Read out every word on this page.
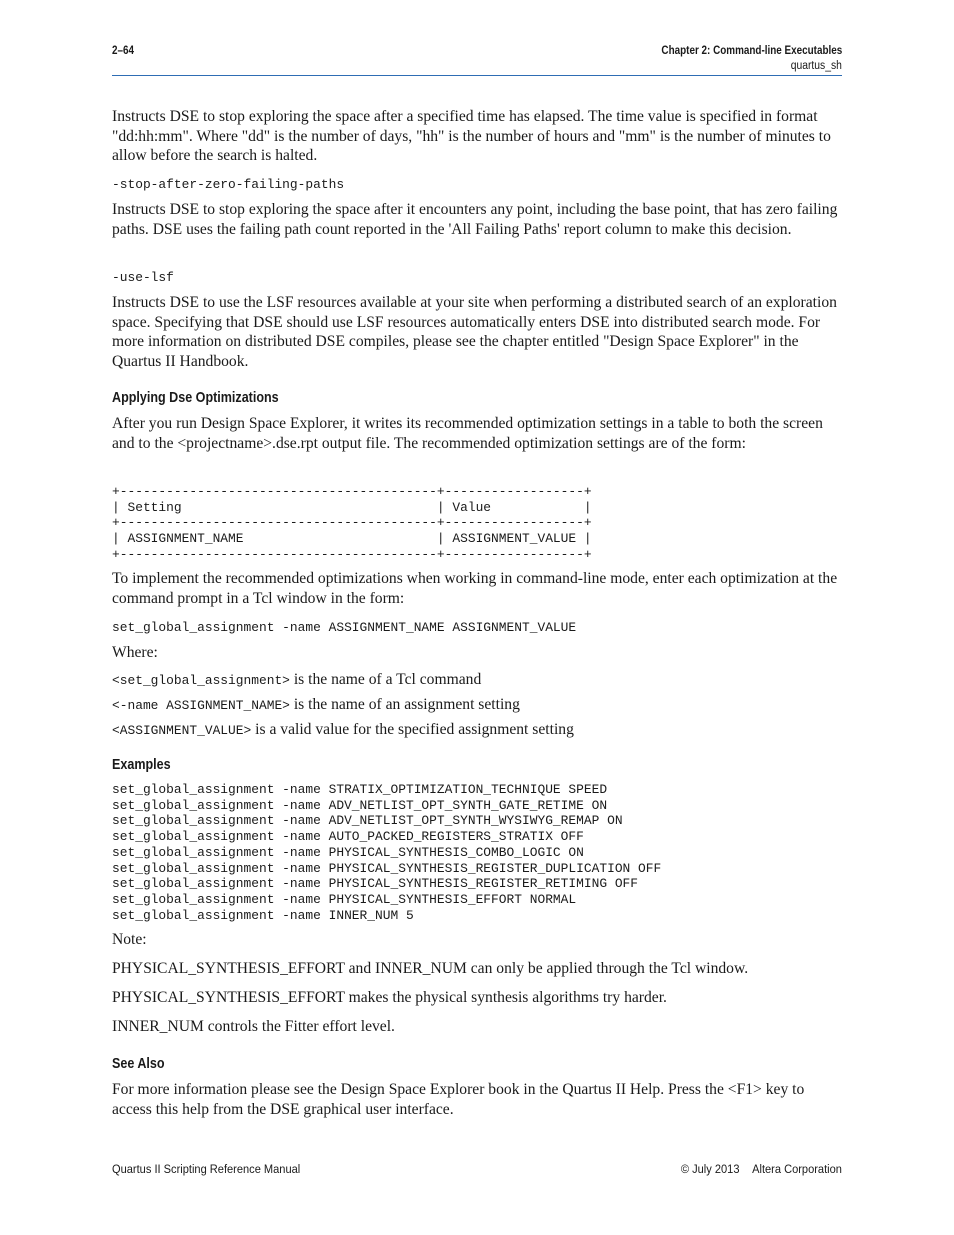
2–64	Chapter 2: Command-line Executables
quartus_sh
Instructs DSE to stop exploring the space after a specified time has elapsed. The time value is specified in format "dd:hh:mm". Where "dd" is the number of days, "hh" is the number of hours and "mm" is the number of minutes to allow before the search is halted.
-stop-after-zero-failing-paths
Instructs DSE to stop exploring the space after it encounters any point, including the base point, that has zero failing paths. DSE uses the failing path count reported in the 'All Failing Paths' report column to make this decision.
-use-lsf
Instructs DSE to use the LSF resources available at your site when performing a distributed search of an exploration space. Specifying that DSE should use LSF resources automatically enters DSE into distributed search mode. For more information on distributed DSE compiles, please see the chapter entitled "Design Space Explorer" in the Quartus II Handbook.
Applying Dse Optimizations
After you run Design Space Explorer, it writes its recommended optimization settings in a table to both the screen and to the <projectname>.dse.rpt output file. The recommended optimization settings are of the form:
+-----------------------------------------+------------------+
| Setting                                 | Value            |
+-----------------------------------------+------------------+
| ASSIGNMENT_NAME                         | ASSIGNMENT_VALUE |
+-----------------------------------------+------------------+
To implement the recommended optimizations when working in command-line mode, enter each optimization at the command prompt in a Tcl window in the form:
set_global_assignment -name ASSIGNMENT_NAME ASSIGNMENT_VALUE
Where:
<set_global_assignment> is the name of a Tcl command
<-name ASSIGNMENT_NAME> is the name of an assignment setting
<ASSIGNMENT_VALUE> is a valid value for the specified assignment setting
Examples
set_global_assignment -name STRATIX_OPTIMIZATION_TECHNIQUE SPEED
set_global_assignment -name ADV_NETLIST_OPT_SYNTH_GATE_RETIME ON
set_global_assignment -name ADV_NETLIST_OPT_SYNTH_WYSIWYG_REMAP ON
set_global_assignment -name AUTO_PACKED_REGISTERS_STRATIX OFF
set_global_assignment -name PHYSICAL_SYNTHESIS_COMBO_LOGIC ON
set_global_assignment -name PHYSICAL_SYNTHESIS_REGISTER_DUPLICATION OFF
set_global_assignment -name PHYSICAL_SYNTHESIS_REGISTER_RETIMING OFF
set_global_assignment -name PHYSICAL_SYNTHESIS_EFFORT NORMAL
set_global_assignment -name INNER_NUM 5
Note:
PHYSICAL_SYNTHESIS_EFFORT and INNER_NUM can only be applied through the Tcl window.
PHYSICAL_SYNTHESIS_EFFORT makes the physical synthesis algorithms try harder.
INNER_NUM controls the Fitter effort level.
See Also
For more information please see the Design Space Explorer book in the Quartus II Help. Press the <F1> key to access this help from the DSE graphical user interface.
Quartus II Scripting Reference Manual	© July 2013 Altera Corporation
